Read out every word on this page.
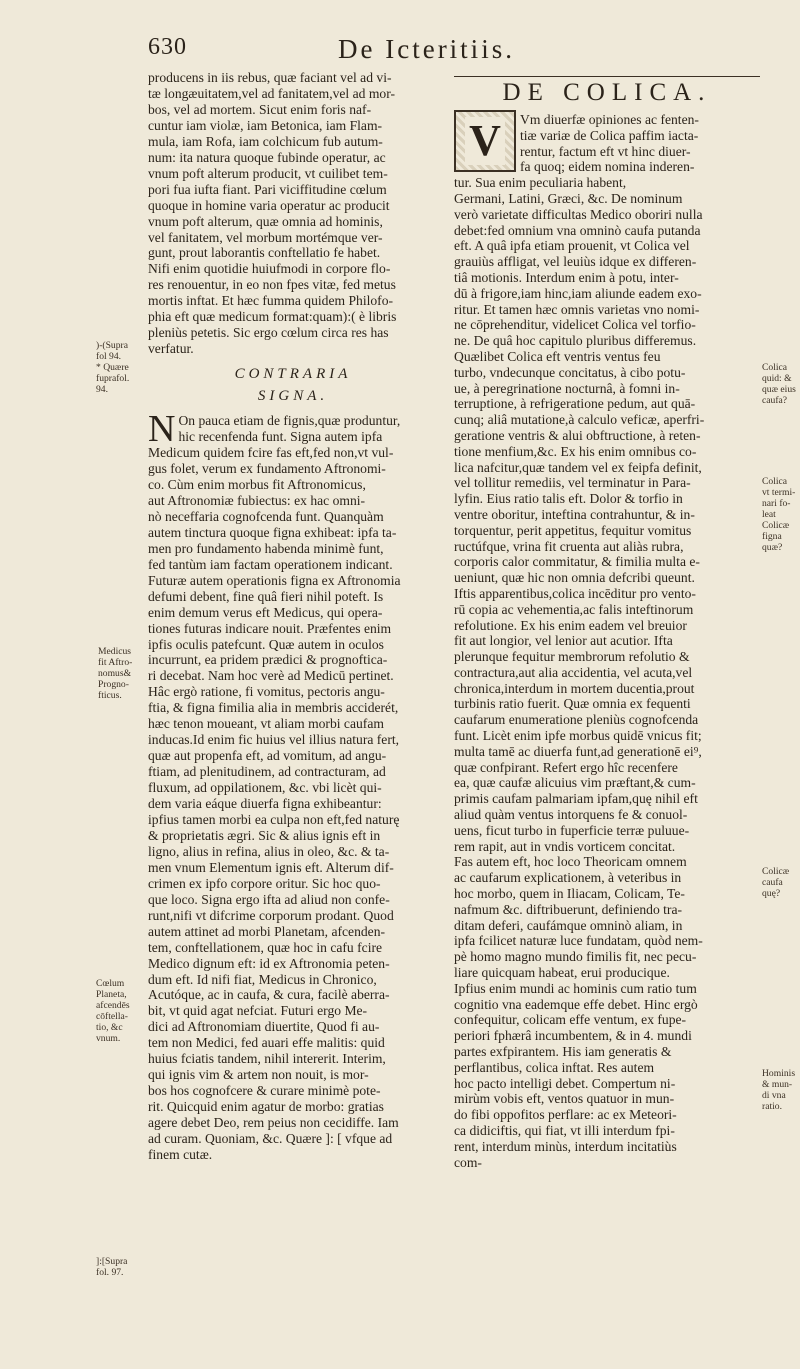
630	De Icteritiis.
producens in iis rebus, quæ faciant vel ad vi-
tæ longæuitatem,vel ad fanitatem,vel ad mor-
bos, vel ad mortem. Sicut enim foris naf-
cuntur iam violæ, iam Betonica, iam Flam-
mula, iam Rofa, iam colchicum fub autum-
num: ita natura quoque fubinde operatur, ac
vnum poft alterum producit, vt cuilibet tem-
pori fua iufta fiant. Pari viciffitudine cœlum
quoque in homine varia operatur ac producit
vnum poft alterum, quæ omnia ad hominis,
vel fanitatem, vel morbum mortémque ver-
gunt, prout laborantis conftellatio fe habet.
Nifi enim quotidie huiufmodi in corpore flo-
res renouentur, in eo non fpes vitæ, fed metus
mortis inftat. Et hæc fumma quidem Philofo-
phia eft quæ medicum format:quam):( è libris
pleniùs petetis. Sic ergo cœlum circa res has
verfatur.
CONTRARIA
SIGNA.
N On pauca etiam de fignis,quæ produntur,
hic recenfenda funt. Signa autem ipfa
Medicum quidem fcire fas eft,fed non,vt vul-
gus folet, verum ex fundamento Aftronomi-
co. Cùm enim morbus fit Aftronomicus,
aut Aftronomiæ fubiectus: ex hac omni-
nò neceffaria cognofcenda funt. Quanquàm
autem tinctura quoque figna exhibeat: ipfa ta-
men pro fundamento habenda minimè funt,
fed tantùm iam factam operationem indicant.
Futuræ autem operationis figna ex Aftronomia
defumi debent, fine quâ fieri nihil poteft. Is
enim demum verus eft Medicus, qui opera-
tiones futuras indicare nouit. Præfentes enim
ipfis oculis patefcunt. Quæ autem in oculos
incurrunt, ea pridem prædici & prognoftica-
ri decebat. Nam hoc verè ad Medicū pertinet.
Hâc ergò ratione, fi vomitus, pectoris angu-
ftia, & figna fimilia alia in membris acciderét,
hæc tenon moueant, vt aliam morbi caufam
inducas.Id enim fic huius vel illius natura fert,
quæ aut propenfa eft, ad vomitum, ad angu-
ftiam, ad plenitudinem, ad contracturam, ad
fluxum, ad oppilationem, &c. vbi licèt qui-
dem varia eáque diuerfa figna exhibeantur:
ipfius tamen morbi ea culpa non eft,fed naturę
& proprietatis ægri. Sic & alius ignis eft in
ligno, alius in refina, alius in oleo, &c. & ta-
men vnum Elementum ignis eft. Alterum dif-
crimen ex ipfo corpore oritur. Sic hoc quo-
que loco. Signa ergo ifta ad aliud non confe-
runt,nifi vt difcrime corporum prodant. Quod
autem attinet ad morbi Planetam, afcenden-
tem, conftellationem, quæ hoc in cafu fcire
Medico dignum eft: id ex Aftronomia peten-
dum eft. Id nifi fiat, Medicus in Chronico,
Acutóque, ac in caufa, & cura, facilè aberra-
bit, vt quid agat nefciat. Futuri ergo Me-
dici ad Aftronomiam diuertite, Quod fi au-
tem non Medici, fed auari effe malitis: quid
huius fciatis tandem, nihil intererit. Interim,
qui ignis vim & artem non nouit, is mor-
bos hos cognofcere & curare minimè pote-
rit. Quicquid enim agatur de morbo: gratias
agere debet Deo, rem peius non cecidiffe. Iam
ad curam. Quoniam, &c. Quære ]: [ vfque ad
finem cutæ.
DE COLICA.
V	Vm diuerfæ opiniones ac fenten-
tiæ variæ de Colica paffim iacta-
rentur, factum eft vt hinc diuer-
fa quoq; eidem nomina inderen-
tur. Sua enim peculiaria habent,
Germani, Latini, Græci, &c. De nominum
verò varietate difficultas Medico oboriri nulla
debet:fed omnium vna omninò caufa putanda
eft. A quâ ipfa etiam prouenit, vt Colica vel
grauiùs affligat, vel leuiùs idque ex differen-
tiâ motionis. Interdum enim à potu, inter-
dū à frigore,iam hinc,iam aliunde eadem exo-
ritur. Et tamen hæc omnis varietas vno nomi-
ne cōprehenditur, videlicet Colica vel torfio-
ne. De quâ hoc capitulo pluribus differemus.
Quælibet Colica eft ventris ventus feu
turbo, vndecunque concitatus, à cibo potu-
ue, à peregrinatione nocturnâ, à fomni in-
terruptione, à refrigeratione pedum, aut quā-
cunq; aliâ mutatione,à calculo veficæ, aperfri-
geratione ventris & alui obftructione, à reten-
tione menfium,&c. Ex his enim omnibus co-
lica nafcitur,quæ tandem vel ex feipfa definit,
vel tollitur remediis, vel terminatur in Para-
lyfin. Eius ratio talis eft. Dolor & torfio in
ventre oboritur, inteftina contrahuntur, & in-
torquentur, perit appetitus, fequitur vomitus
ructúfque, vrina fit cruenta aut aliàs rubra,
corporis calor commitatur, & fimilia multa e-
ueniunt, quæ hic non omnia defcribi queunt.
Iftis apparentibus,colica incēditur pro vento-
rū copia ac vehementia,ac falis inteftinorum
refolutione. Ex his enim eadem vel breuior
fit aut longior, vel lenior aut acutior. Ifta
plerunque fequitur membrorum refolutio &
contractura,aut alia accidentia, vel acuta,vel
chronica,interdum in mortem ducentia,prout
turbinis ratio fuerit. Quæ omnia ex fequenti
caufarum enumeratione pleniùs cognofcenda
funt. Licèt enim ipfe morbus quidē vnicus fit;
multa tamē ac diuerfa funt,ad generationē ei⁹,
quæ confpirant. Refert ergo hîc recenfere
ea, quæ caufæ alicuius vim præftant,& cum-
primis caufam palmariam ipfam,quę nihil eft
aliud quàm ventus intorquens fe & conuol-
uens, ficut turbo in fuperficie terræ puluue-
rem rapit, aut in vndis vorticem concitat.
Fas autem eft, hoc loco Theoricam omnem
ac caufarum explicationem, à veteribus in
hoc morbo, quem in Iliacam, Colicam, Te-
nafmum &c. diftribuerunt, definiendo tra-
ditam deferi, caufámque omninò aliam, in
ipfa fcilicet naturæ luce fundatam, quòd nem-
pè homo magno mundo fimilis fit, nec pecu-
liare quicquam habeat, erui producique.
Ipfius enim mundi ac hominis cum ratio tum
cognitio vna eademque effe debet. Hinc ergò
confequitur, colicam effe ventum, ex fupe-
periori fphærâ incumbentem, & in 4. mundi
partes exfpirantem. His iam generatis &
perflantibus, colica inftat. Res autem
hoc pacto intelligi debet. Compertum ni-
mirùm vobis eft, ventos quatuor in mun-
do fibi oppofitos perflare: ac ex Meteori-
ca didiciftis, qui fiat, vt illi interdum fpi-
rent, interdum minùs, interdum incitatiùs
com-
)-(Supra
fol 94.
* Quære
fuprafol.
94.
Medicus
fit Aftro-
nomus&
Progno-
fticus.
Cœlum
Planeta,
afcendēs
cōftella-
tio, &c
vnum.
]:[Supra
fol. 97.
Colica
quid: &
quæ eius
caufa?
Colica
vt termi-
nari fo-
leat
Colicæ
figna
quæ?
Colicæ
caufa
quę?
Hominis
& mun-
di vna
ratio.
